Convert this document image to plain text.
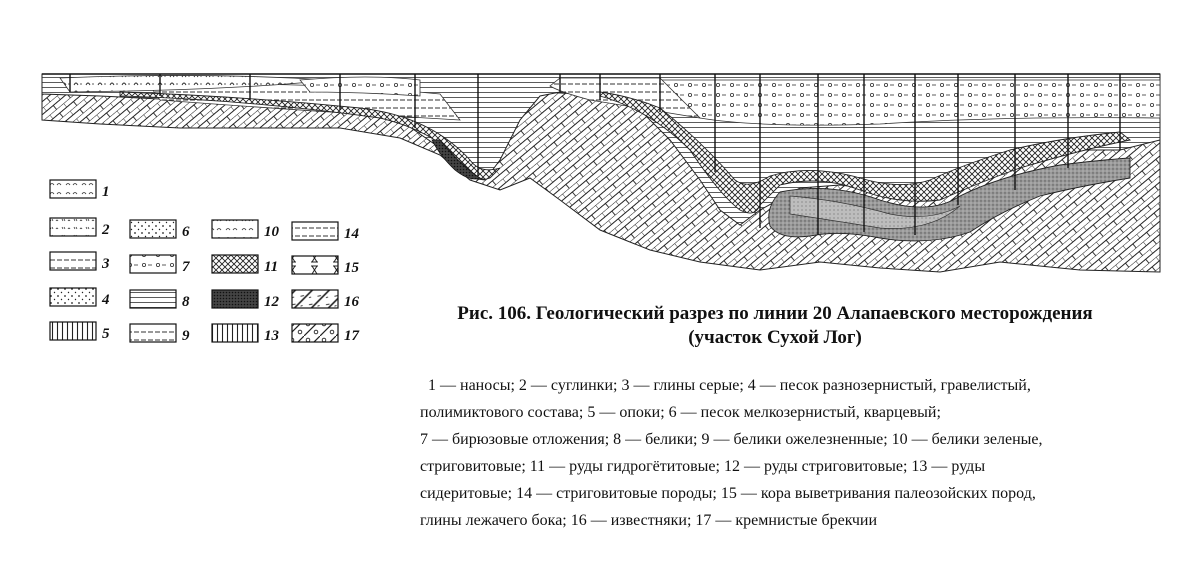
1
2
3
4
5
6
7
8
9
10
11
12
13
14
15
16
17
Рис. 106. Геологический разрез по линии 20 Алапаевского месторождения
(участок Сухой Лог)
1 — наносы; 2 — суглинки; 3 — глины серые; 4 — песок разнозернистый, гравелистый,
полимиктового состава; 5 — опоки; 6 — песок мелкозернистый, кварцевый;
7 — бирюзовые отложения; 8 — белики; 9 — белики ожелезненные; 10 — белики зеленые,
стриговитовые; 11 — руды гидрогётитовые; 12 — руды стриговитовые; 13 — руды
сидеритовые; 14 — стриговитовые породы; 15 — кора выветривания палеозойских пород,
глины лежачего бока; 16 — известняки; 17 — кремнистые брекчии
